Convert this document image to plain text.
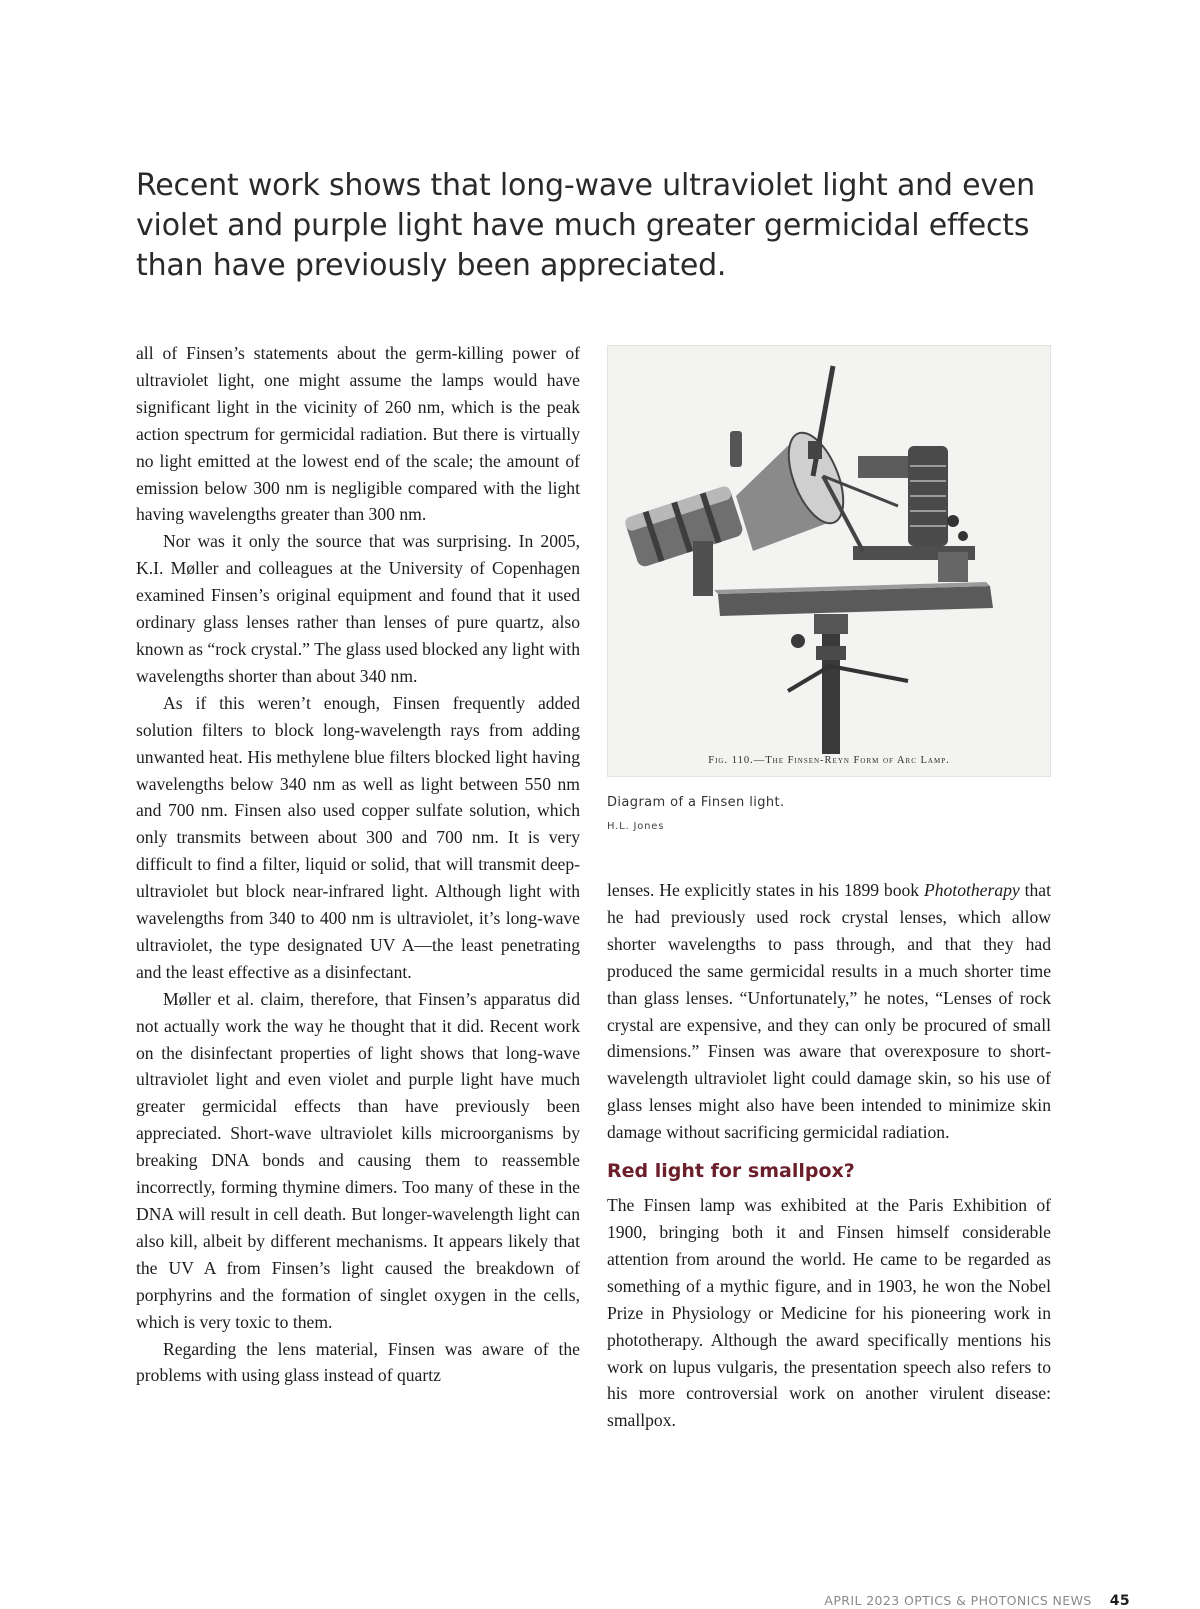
Recent work shows that long-wave ultraviolet light and even violet and purple light have much greater germicidal effects than have previously been appreciated.

all of Finsen’s statements about the germ-killing power of ultraviolet light, one might assume the lamps would have significant light in the vicinity of 260 nm, which is the peak action spectrum for germicidal radiation. But there is virtually no light emitted at the lowest end of the scale; the amount of emission below 300 nm is negligible compared with the light having wavelengths greater than 300 nm.

Nor was it only the source that was surprising. In 2005, K.I. Møller and colleagues at the University of Copenhagen examined Finsen’s original equipment and found that it used ordinary glass lenses rather than lenses of pure quartz, also known as “rock crystal.” The glass used blocked any light with wavelengths shorter than about 340 nm.

As if this weren’t enough, Finsen frequently added solution filters to block long-wavelength rays from adding unwanted heat. His methylene blue filters blocked light having wavelengths below 340 nm as well as light between 550 nm and 700 nm. Finsen also used copper sulfate solution, which only transmits between about 300 and 700 nm. It is very difficult to find a filter, liquid or solid, that will transmit deep-ultraviolet but block near-infrared light. Although light with wavelengths from 340 to 400 nm is ultraviolet, it’s long-wave ultraviolet, the type designated UV A—the least penetrating and the least effective as a disinfectant.

Møller et al. claim, therefore, that Finsen’s apparatus did not actually work the way he thought that it did. Recent work on the disinfectant properties of light shows that long-wave ultraviolet light and even violet and purple light have much greater germicidal effects than have previously been appreciated. Short-wave ultraviolet kills microorganisms by breaking DNA bonds and causing them to reassemble incorrectly, forming thymine dimers. Too many of these in the DNA will result in cell death. But longer-wavelength light can also kill, albeit by different mechanisms. It appears likely that the UV A from Finsen’s light caused the breakdown of porphyrins and the formation of singlet oxygen in the cells, which is very toxic to them.

Regarding the lens material, Finsen was aware of the problems with using glass instead of quartz

Fig. 110.—The Finsen-Reyn Form of Arc Lamp.
Diagram of a Finsen light.
H.L. Jones

lenses. He explicitly states in his 1899 book Phototherapy that he had previously used rock crystal lenses, which allow shorter wavelengths to pass through, and that they had produced the same germicidal results in a much shorter time than glass lenses. “Unfortunately,” he notes, “Lenses of rock crystal are expensive, and they can only be procured of small dimensions.” Finsen was aware that overexposure to short-wavelength ultraviolet light could damage skin, so his use of glass lenses might also have been intended to minimize skin damage without sacrificing germicidal radiation.

Red light for smallpox?

The Finsen lamp was exhibited at the Paris Exhibition of 1900, bringing both it and Finsen himself considerable attention from around the world. He came to be regarded as something of a mythic figure, and in 1903, he won the Nobel Prize in Physiology or Medicine for his pioneering work in phototherapy. Although the award specifically mentions his work on lupus vulgaris, the presentation speech also refers to his more controversial work on another virulent disease: smallpox.

APRIL 2023 OPTICS & PHOTONICS NEWS 45
